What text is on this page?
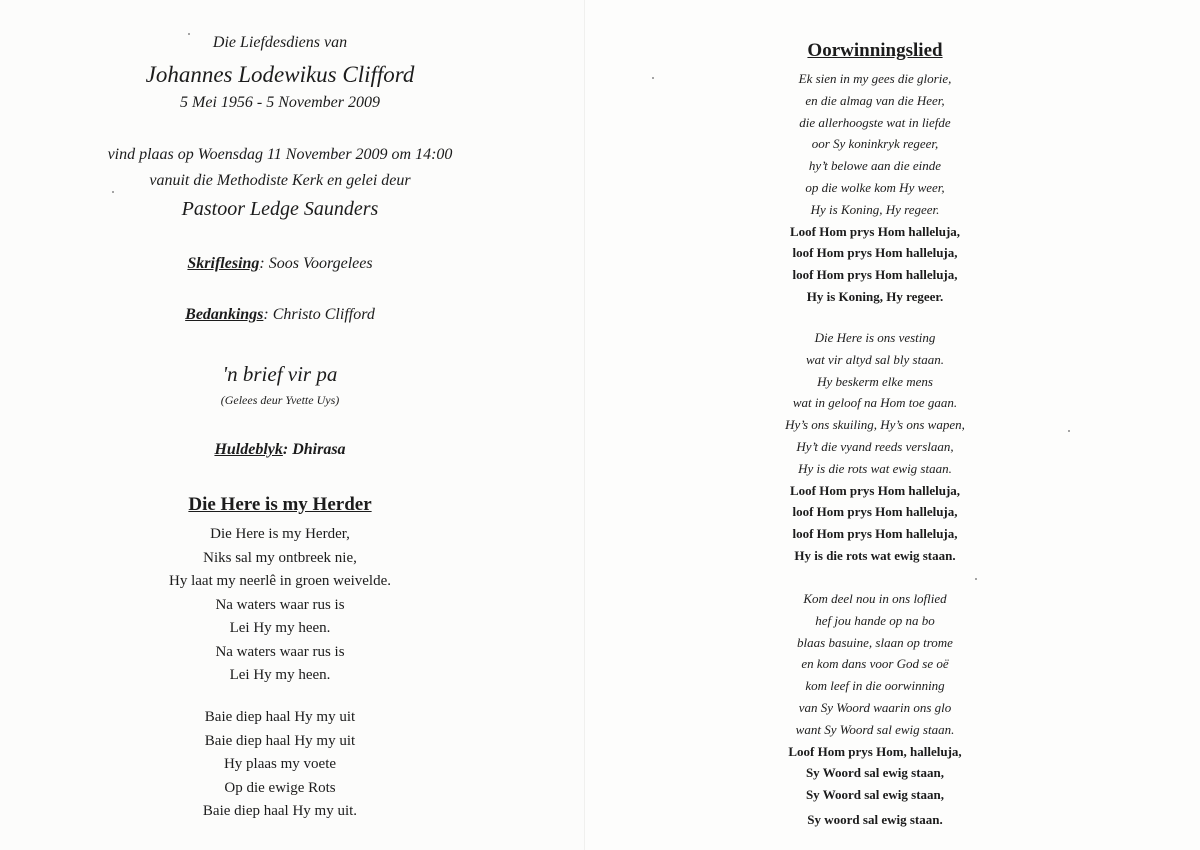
Die Liefdesdiens van
Johannes Lodewikus Clifford
5 Mei 1956 - 5 November 2009
vind plaas op Woensdag 11 November 2009 om 14:00
vanuit die Methodiste Kerk en gelei deur
Pastoor Ledge Saunders
Skriflesing: Soos Voorgelees
Bedankings: Christo Clifford
'n brief vir pa
(Gelees deur Yvette Uys)
Huldeblyk: Dhirasa
Die Here is my Herder
Die Here is my Herder,
Niks sal my ontbreek nie,
Hy laat my neerlê in groen weivelde.
Na waters waar rus is
Lei Hy my heen.
Na waters waar rus is
Lei Hy my heen.
Baie diep haal Hy my uit
Baie diep haal Hy my uit
Hy plaas my voete
Op die ewige Rots
Baie diep haal Hy my uit.
Oorwinningslied
Ek sien in my gees die glorie,
en die almag van die Heer,
die allerhoogste wat in liefde
oor Sy koninkryk regeer,
hy’t belowe aan die einde
op die wolke kom Hy weer,
Hy is Koning, Hy regeer.
Loof Hom prys Hom halleluja,
loof Hom prys Hom halleluja,
loof Hom prys Hom halleluja,
Hy is Koning, Hy regeer.
Die Here is ons vesting
wat vir altyd sal bly staan.
Hy beskerm elke mens
wat in geloof na Hom toe gaan.
Hy’s ons skuiling, Hy’s ons wapen,
Hy’t die vyand reeds verslaan,
Hy is die rots wat ewig staan.
Loof Hom prys Hom halleluja,
loof Hom prys Hom halleluja,
loof Hom prys Hom halleluja,
Hy is die rots wat ewig staan.
Kom deel nou in ons loflied
hef jou hande op na bo
blaas basuine, slaan op trome
en kom dans voor God se oë
kom leef in die oorwinning
van Sy Woord waarin ons glo
want Sy Woord sal ewig staan.
Loof Hom prys Hom, halleluja,
Sy Woord sal ewig staan,
Sy Woord sal ewig staan,
Sy woord sal ewig staan.
